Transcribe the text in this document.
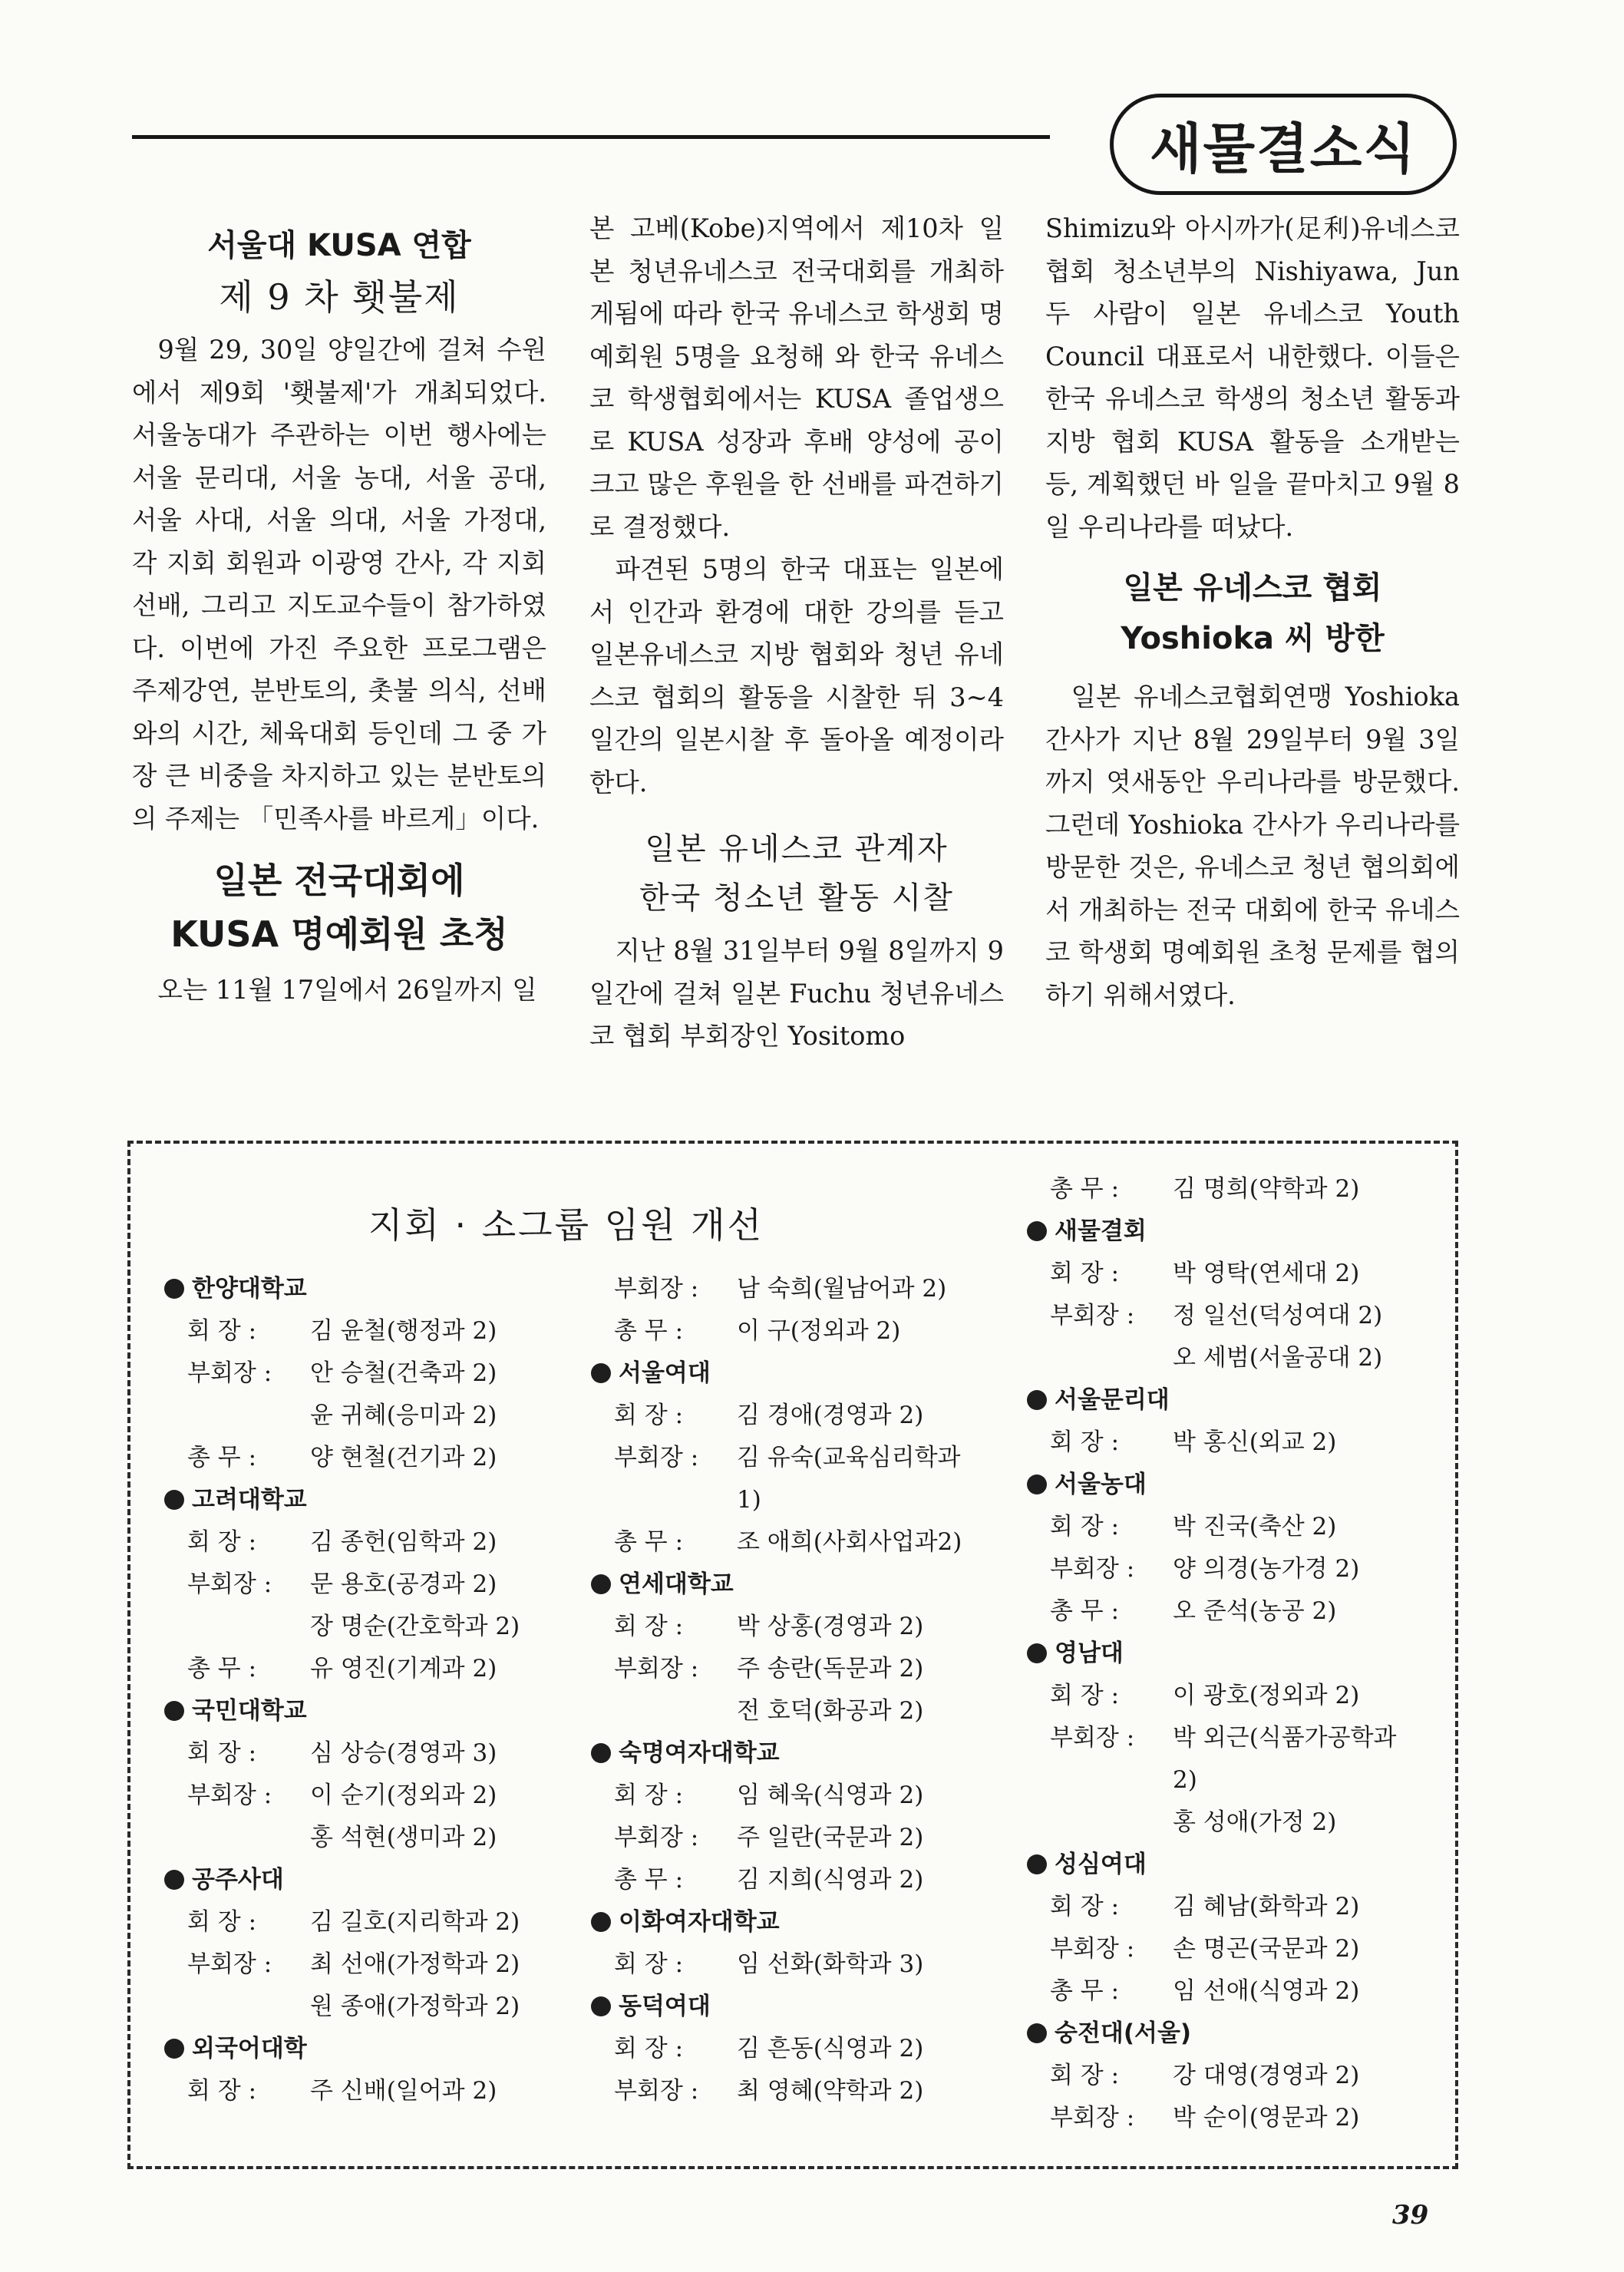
새물결소식
서울대 KUSA 연합
제 9 차 횃불제

9월 29, 30일 양일간에 걸쳐 수원에서 제9회 '횃불제'가 개최되었다. 서울농대가 주관하는 이번 행사에는 서울 문리대, 서울 농대, 서울 공대, 서울 사대, 서울 의대, 서울 가정대, 각 지회 회원과 이광영 간사, 각 지회 선배, 그리고 지도교수들이 참가하였다. 이번에 가진 주요한 프로그램은 주제강연, 분반토의, 촛불 의식, 선배와의 시간, 체육대회 등인데 그 중 가장 큰 비중을 차지하고 있는 분반토의의 주제는 「민족사를 바르게」이다.

일본 전국대회에
KUSA 명예회원 초청

오는 11월 17일에서 26일까지 일

본 고베(Kobe)지역에서 제10차 일본 청년유네스코 전국대회를 개최하게됨에 따라 한국 유네스코 학생회 명예회원 5명을 요청해 와 한국 유네스코 학생협회에서는 KUSA 졸업생으로 KUSA 성장과 후배 양성에 공이 크고 많은 후원을 한 선배를 파견하기로 결정했다.

파견된 5명의 한국 대표는 일본에서 인간과 환경에 대한 강의를 듣고 일본유네스코 지방 협회와 청년 유네스코 협회의 활동을 시찰한 뒤 3~4일간의 일본시찰 후 돌아올 예정이라 한다.

일본 유네스코 관계자
한국 청소년 활동 시찰

지난 8월 31일부터 9월 8일까지 9일간에 걸쳐 일본 Fuchu 청년유네스코 협회 부회장인 Yositomo

Shimizu와 아시까가(足利)유네스코 협회 청소년부의 Nishiyawa, Jun 두 사람이 일본 유네스코 Youth Council 대표로서 내한했다. 이들은 한국 유네스코 학생의 청소년 활동과 지방 협회 KUSA 활동을 소개받는 등, 계획했던 바 일을 끝마치고 9월 8일 우리나라를 떠났다.

일본 유네스코 협회
Yoshioka 씨 방한

일본 유네스코협회연맹 Yoshioka 간사가 지난 8월 29일부터 9월 3일까지 엿새동안 우리나라를 방문했다. 그런데 Yoshioka 간사가 우리나라를 방문한 것은, 유네스코 청년 협의회에서 개최하는 전국 대회에 한국 유네스코 학생회 명예회원 초청 문제를 협의하기 위해서였다.

지회 · 소그룹 임원 개선
한양대학교
회 장 : 김 윤철(행정과 2)
부회장 : 안 승철(건축과 2)
윤 귀혜(응미과 2)
총 무 : 양 현철(건기과 2)
고려대학교
회 장 : 김 종헌(임학과 2)
부회장 : 문 용호(공경과 2)
장 명순(간호학과 2)
총 무 : 유 영진(기계과 2)
국민대학교
회 장 : 심 상승(경영과 3)
부회장 : 이 순기(정외과 2)
홍 석현(생미과 2)
공주사대
회 장 : 김 길호(지리학과 2)
부회장 : 최 선애(가정학과 2)
원 종애(가정학과 2)
외국어대학
회 장 : 주 신배(일어과 2)
부회장 : 남 숙희(월남어과 2)
총 무 : 이 구(정외과 2)
서울여대
회 장 : 김 경애(경영과 2)
부회장 : 김 유숙(교육심리학과
1)
총 무 : 조 애희(사회사업과2)
연세대학교
회 장 : 박 상홍(경영과 2)
부회장 : 주 송란(독문과 2)
전 호덕(화공과 2)
숙명여자대학교
회 장 : 임 혜욱(식영과 2)
부회장 : 주 일란(국문과 2)
총 무 : 김 지희(식영과 2)
이화여자대학교
회 장 : 임 선화(화학과 3)
동덕여대
회 장 : 김 흔동(식영과 2)
부회장 : 최 영혜(약학과 2)
총 무 : 김 명희(약학과 2)
새물결회
회 장 : 박 영탁(연세대 2)
부회장 : 정 일선(덕성여대 2)
오 세범(서울공대 2)
서울문리대
회 장 : 박 홍신(외교 2)
서울농대
회 장 : 박 진국(축산 2)
부회장 : 양 의경(농가경 2)
총 무 : 오 준석(농공 2)
영남대
회 장 : 이 광호(정외과 2)
부회장 : 박 외근(식품가공학과
2)
홍 성애(가정 2)
성심여대
회 장 : 김 혜남(화학과 2)
부회장 : 손 명곤(국문과 2)
총 무 : 임 선애(식영과 2)
숭전대(서울)
회 장 : 강 대영(경영과 2)
부회장 : 박 순이(영문과 2)
39
